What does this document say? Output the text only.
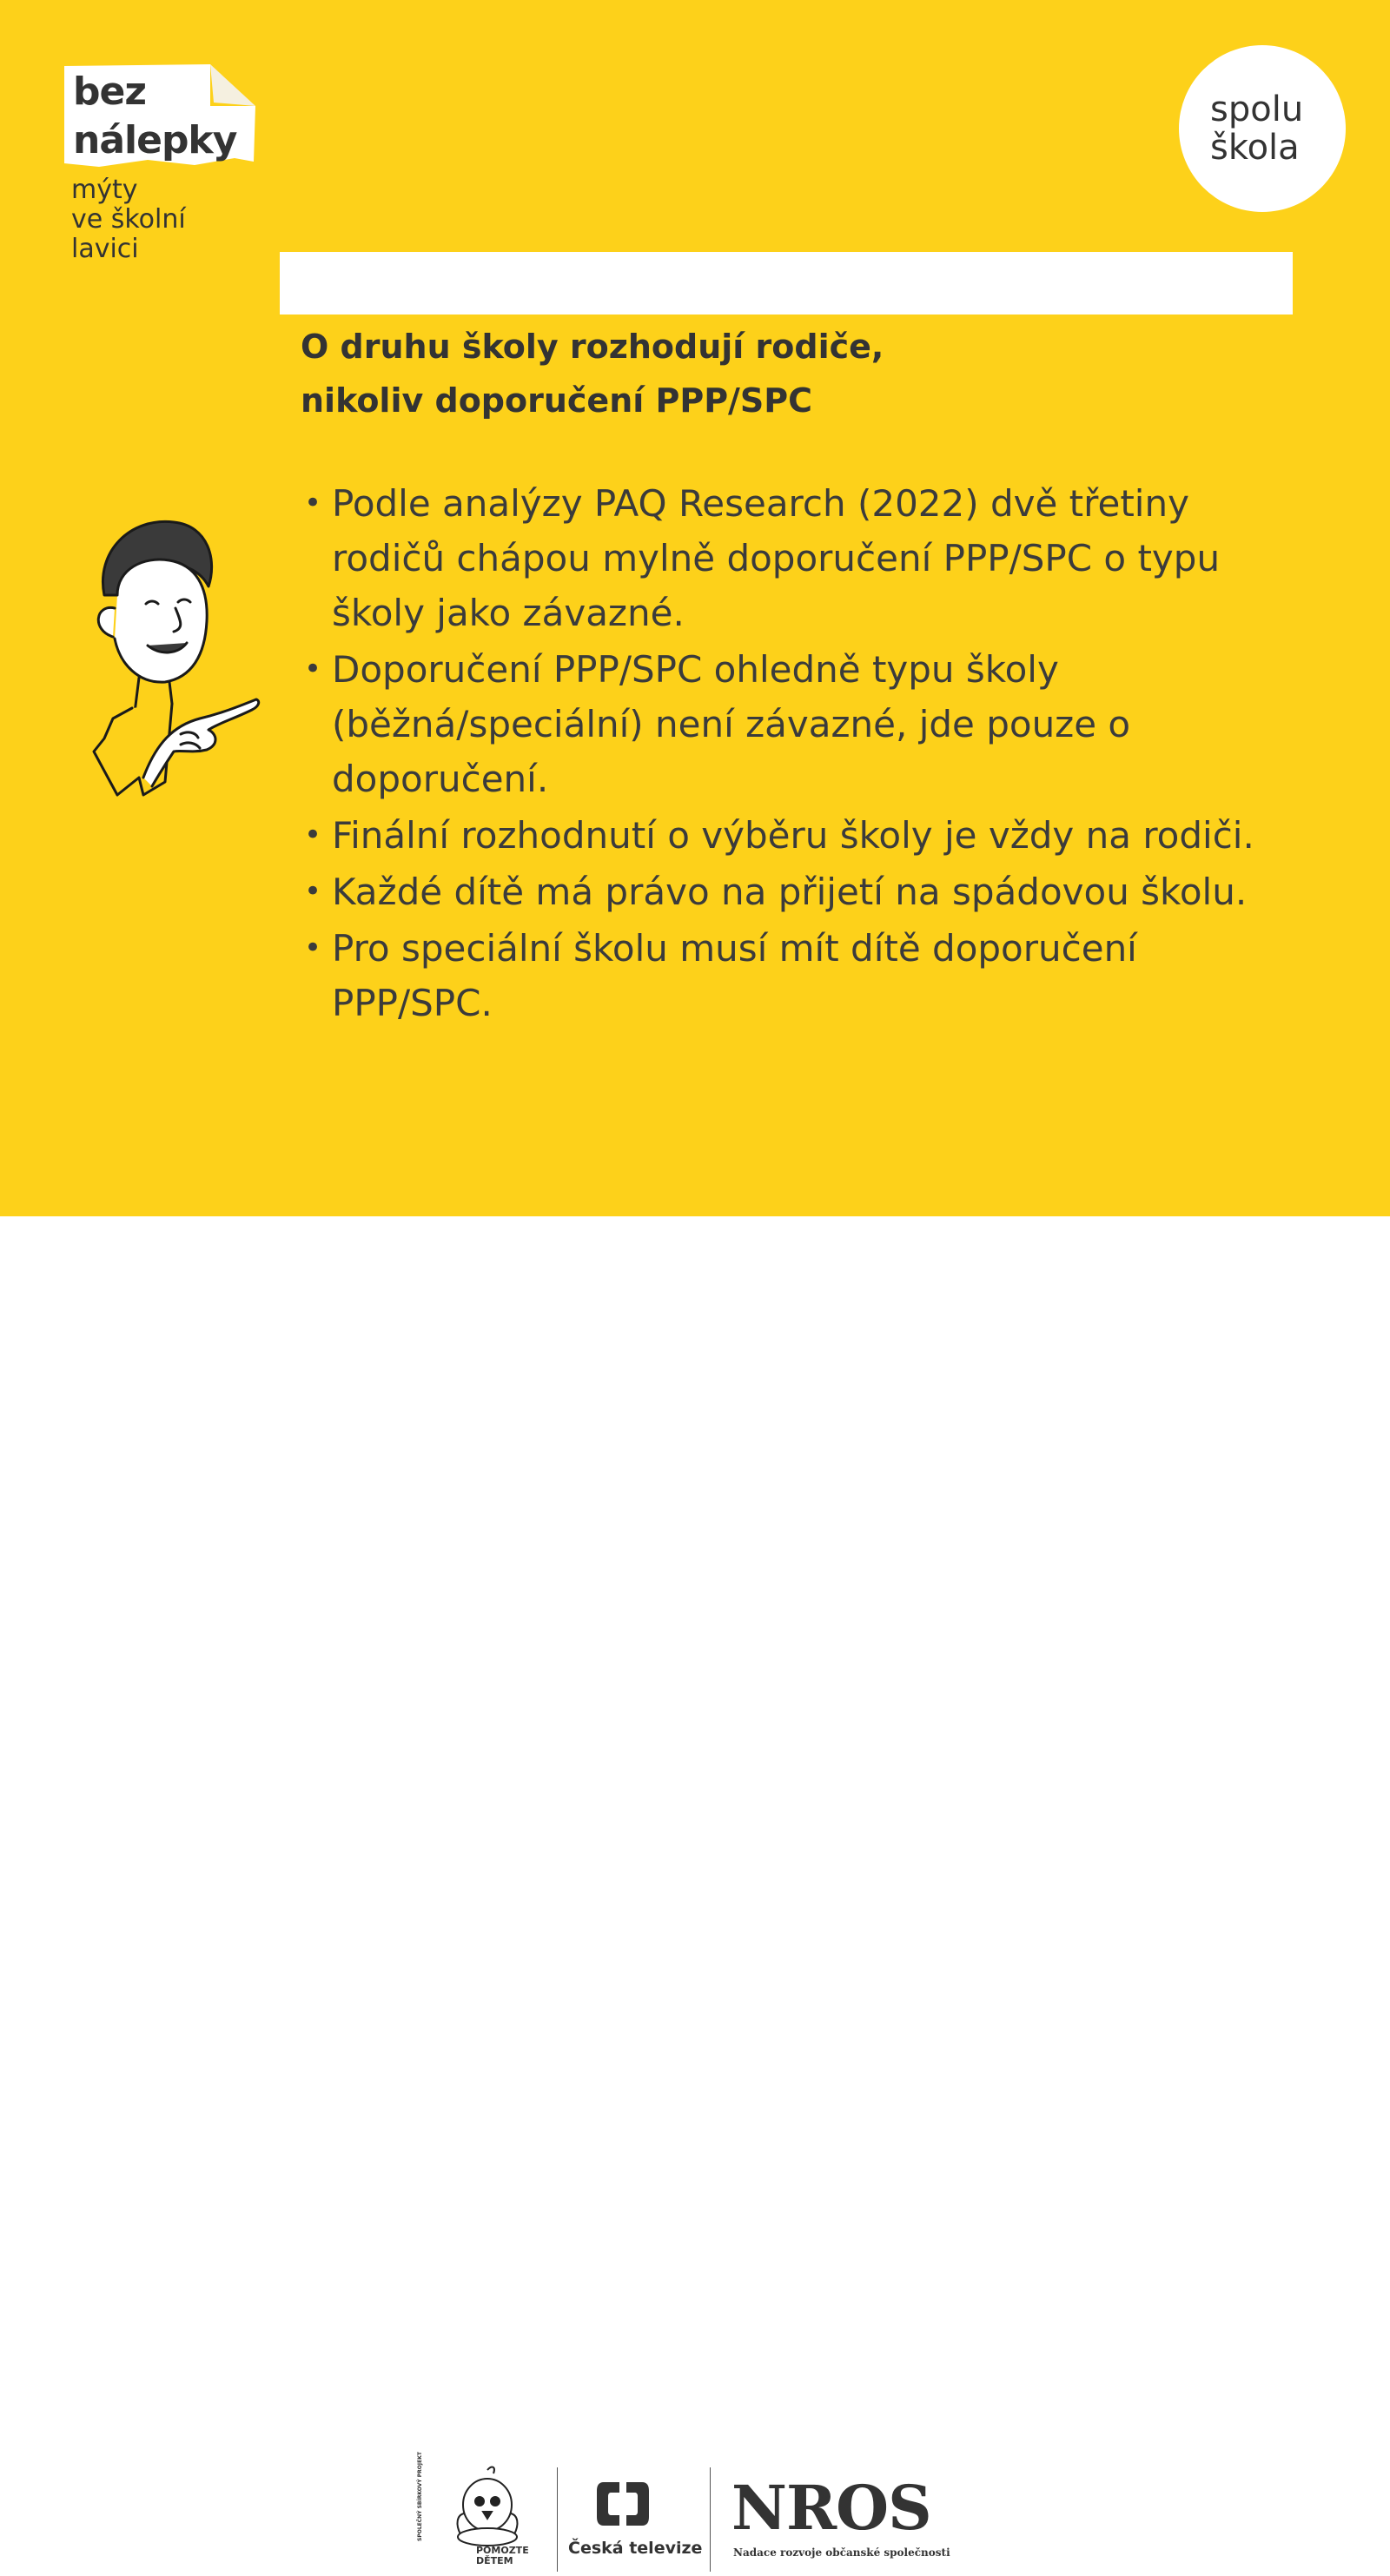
bez
nálepky
mýty
ve školní
lavici
spolu
škola
O druhu školy rozhodují rodiče,
nikoliv doporučení PPP/SPC
• Podle analýzy PAQ Research (2022) dvě třetiny rodičů chápou mylně doporučení PPP/SPC o typu školy jako závazné.
• Doporučení PPP/SPC ohledně typu školy (běžná/speciální) není závazné, jde pouze o doporučení.
• Finální rozhodnutí o výběru školy je vždy na rodiči.
• Každé dítě má právo na přijetí na spádovou školu.
• Pro speciální školu musí mít dítě doporučení PPP/SPC.
SPOLEČNÝ SBÍRKOVÝ PROJEKT
POMOZTE
DĚTEM
Česká televize
NROS
Nadace rozvoje občanské společnosti
